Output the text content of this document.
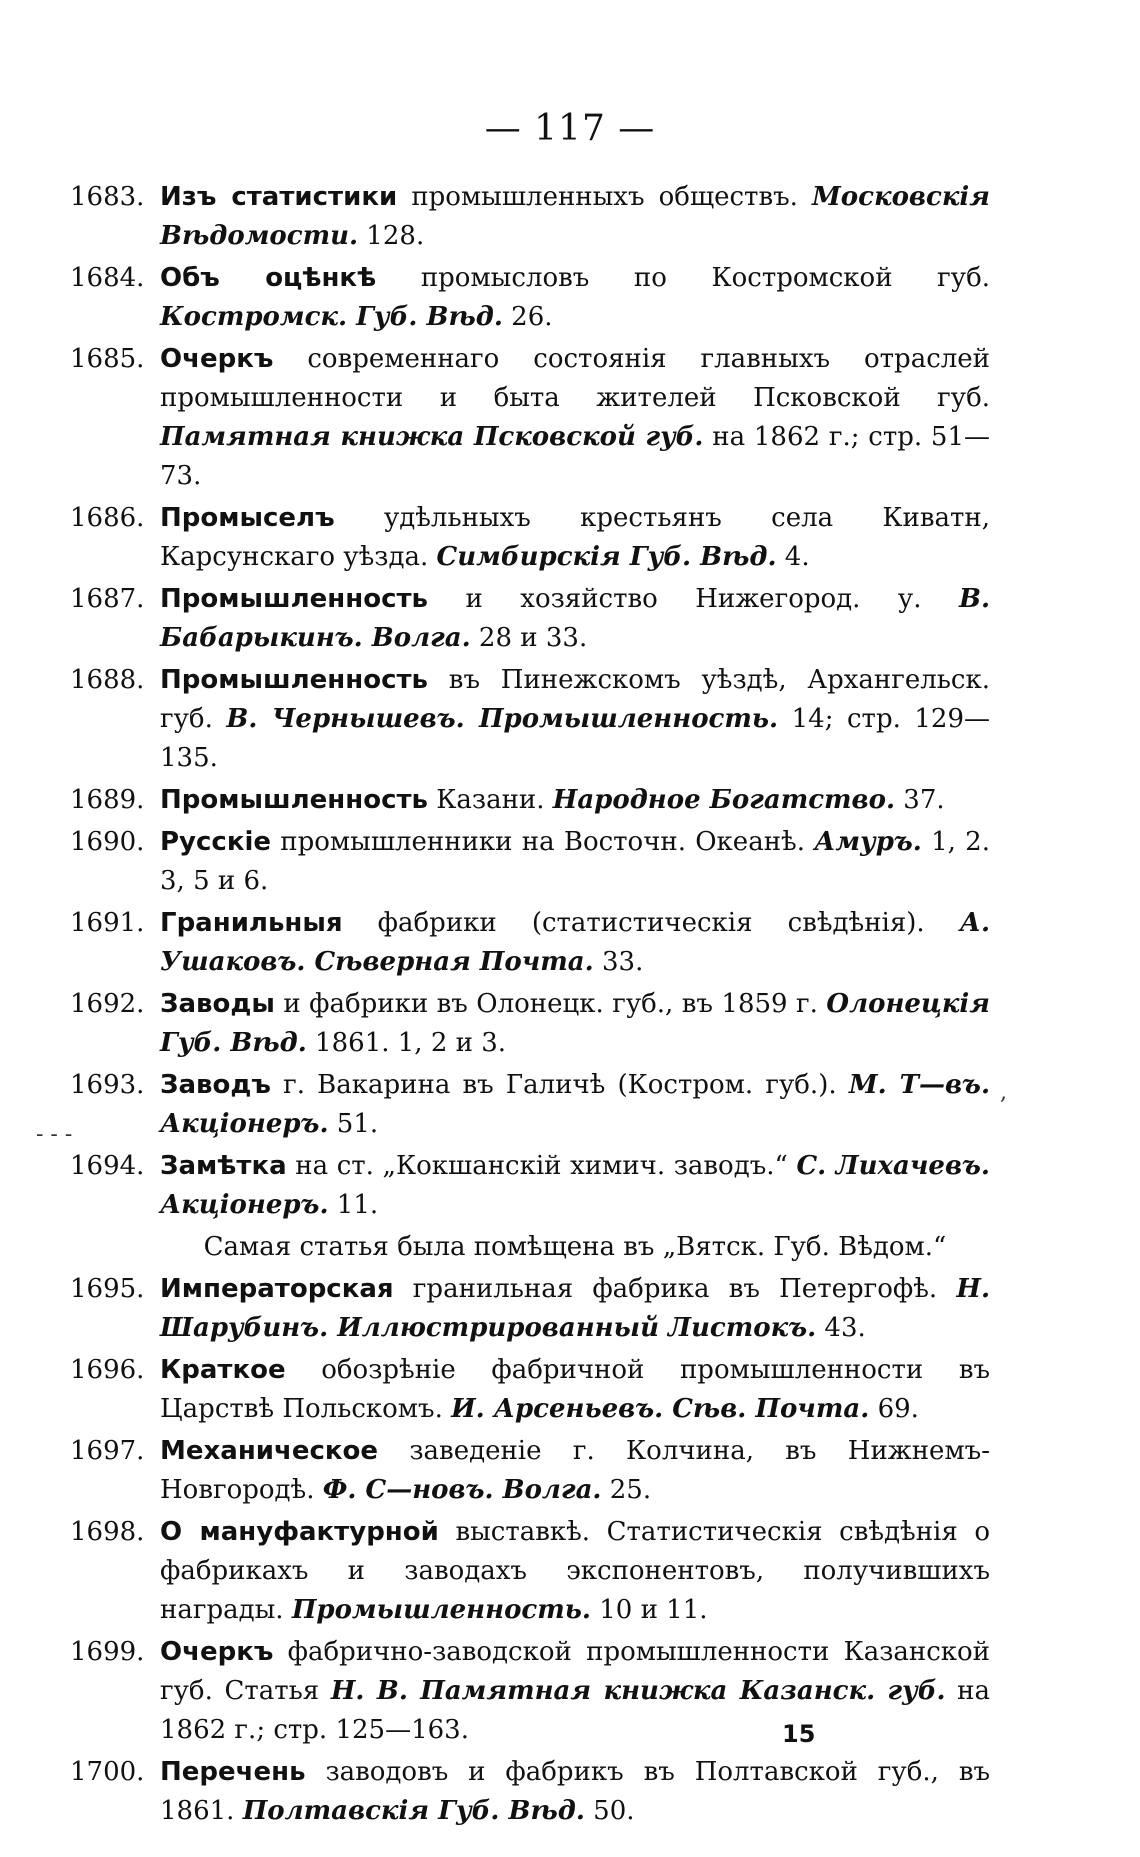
— 117 —
1683. Изъ статистики промышленныхъ обществъ. Московскія Вѣдомости. 128.
1684. Объ оцѣнкѣ промысловъ по Костромской губ. Костромск. Губ. Вѣд. 26.
1685. Очеркъ современнаго состоянія главныхъ отраслей промышленности и быта жителей Псковской губ. Памятная книжка Псковской губ. на 1862 г.; стр. 51—73.
1686. Промыселъ удѣльныхъ крестьянъ села Киватн, Карсунскаго уѣзда. Симбирскія Губ. Вѣд. 4.
1687. Промышленность и хозяйство Нижегород. у. В. Бабарыкинъ. Волга. 28 и 33.
1688. Промышленность въ Пинежскомъ уѣздѣ, Архангельск. губ. В. Чернышевъ. Промышленность. 14; стр. 129—135.
1689. Промышленность Казани. Народное Богатство. 37.
1690. Русскіе промышленники на Восточн. Океанѣ. Амуръ. 1, 2. 3, 5 и 6.
1691. Гранильныя фабрики (статистическія свѣдѣнія). А. Ушаковъ. Сѣверная Почта. 33.
1692. Заводы и фабрики въ Олонецк. губ., въ 1859 г. Олонецкія Губ. Вѣд. 1861. 1, 2 и 3.
1693. Заводъ г. Вакарина въ Галичѣ (Костром. губ.). М. Т—въ. Акціонеръ. 51.
1694. Замѣтка на ст. „Кокшанскій химич. заводъ.“ С. Лихачевъ. Акціонеръ. 11.
Самая статья была помѣщена въ „Вятск. Губ. Вѣдом.“
1695. Императорская гранильная фабрика въ Петергофѣ. Н. Шарубинъ. Иллюстрированный Листокъ. 43.
1696. Краткое обозрѣніе фабричной промышленности въ Царствѣ Польскомъ. И. Арсеньевъ. Сѣв. Почта. 69.
1697. Механическое заведеніе г. Колчина, въ Нижнемъ-Новгородѣ. Ф. С—новъ. Волга. 25.
1698. О мануфактурной выставкѣ. Статистическія свѣдѣнія о фабрикахъ и заводахъ экспонентовъ, получившихъ награды. Промышленность. 10 и 11.
1699. Очеркъ фабрично-заводской промышленности Казанской губ. Статья Н. В. Памятная книжка Казанск. губ. на 1862 г.; стр. 125—163.
1700. Перечень заводовъ и фабрикъ въ Полтавской губ., въ 1861. Полтавскія Губ. Вѣд. 50.
15
- - -
,
